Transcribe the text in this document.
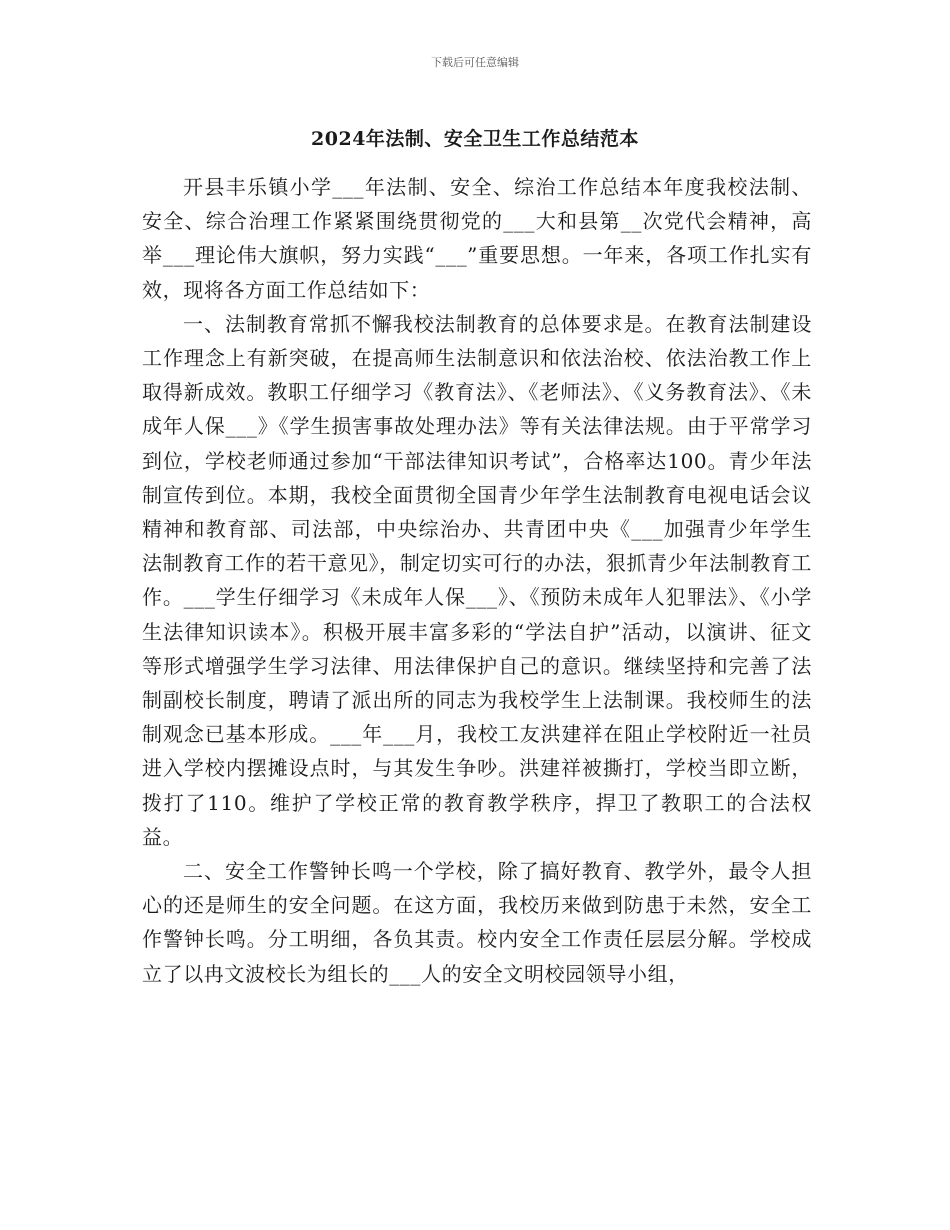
下载后可任意编辑
2024年法制、安全卫生工作总结范本

开县丰乐镇小学___年法制、安全、综治工作总结本年度我校法制、安全、综合治理工作紧紧围绕贯彻党的___大和县第__次党代会精神，高举___理论伟大旗帜，努力实践“___”重要思想。一年来，各项工作扎实有效，现将各方面工作总结如下：

一、法制教育常抓不懈我校法制教育的总体要求是。在教育法制建设工作理念上有新突破，在提高师生法制意识和依法治校、依法治教工作上取得新成效。教职工仔细学习《教育法》、《老师法》、《义务教育法》、《未成年人保___》《学生损害事故处理办法》等有关法律法规。由于平常学习到位，学校老师通过参加“干部法律知识考试”，合格率达100。青少年法制宣传到位。本期，我校全面贯彻全国青少年学生法制教育电视电话会议精神和教育部、司法部，中央综治办、共青团中央《___加强青少年学生法制教育工作的若干意见》，制定切实可行的办法，狠抓青少年法制教育工作。___学生仔细学习《未成年人保___》、《预防未成年人犯罪法》、《小学生法律知识读本》。积极开展丰富多彩的“学法自护”活动，以演讲、征文等形式增强学生学习法律、用法律保护自己的意识。继续坚持和完善了法制副校长制度，聘请了派出所的同志为我校学生上法制课。我校师生的法制观念已基本形成。___年___月，我校工友洪建祥在阻止学校附近一社员进入学校内摆摊设点时，与其发生争吵。洪建祥被撕打，学校当即立断，拨打了110。维护了学校正常的教育教学秩序，捍卫了教职工的合法权益。

二、安全工作警钟长鸣一个学校，除了搞好教育、教学外，最令人担心的还是师生的安全问题。在这方面，我校历来做到防患于未然，安全工作警钟长鸣。分工明细，各负其责。校内安全工作责任层层分解。学校成立了以冉文波校长为组长的___人的安全文明校园领导小组，
